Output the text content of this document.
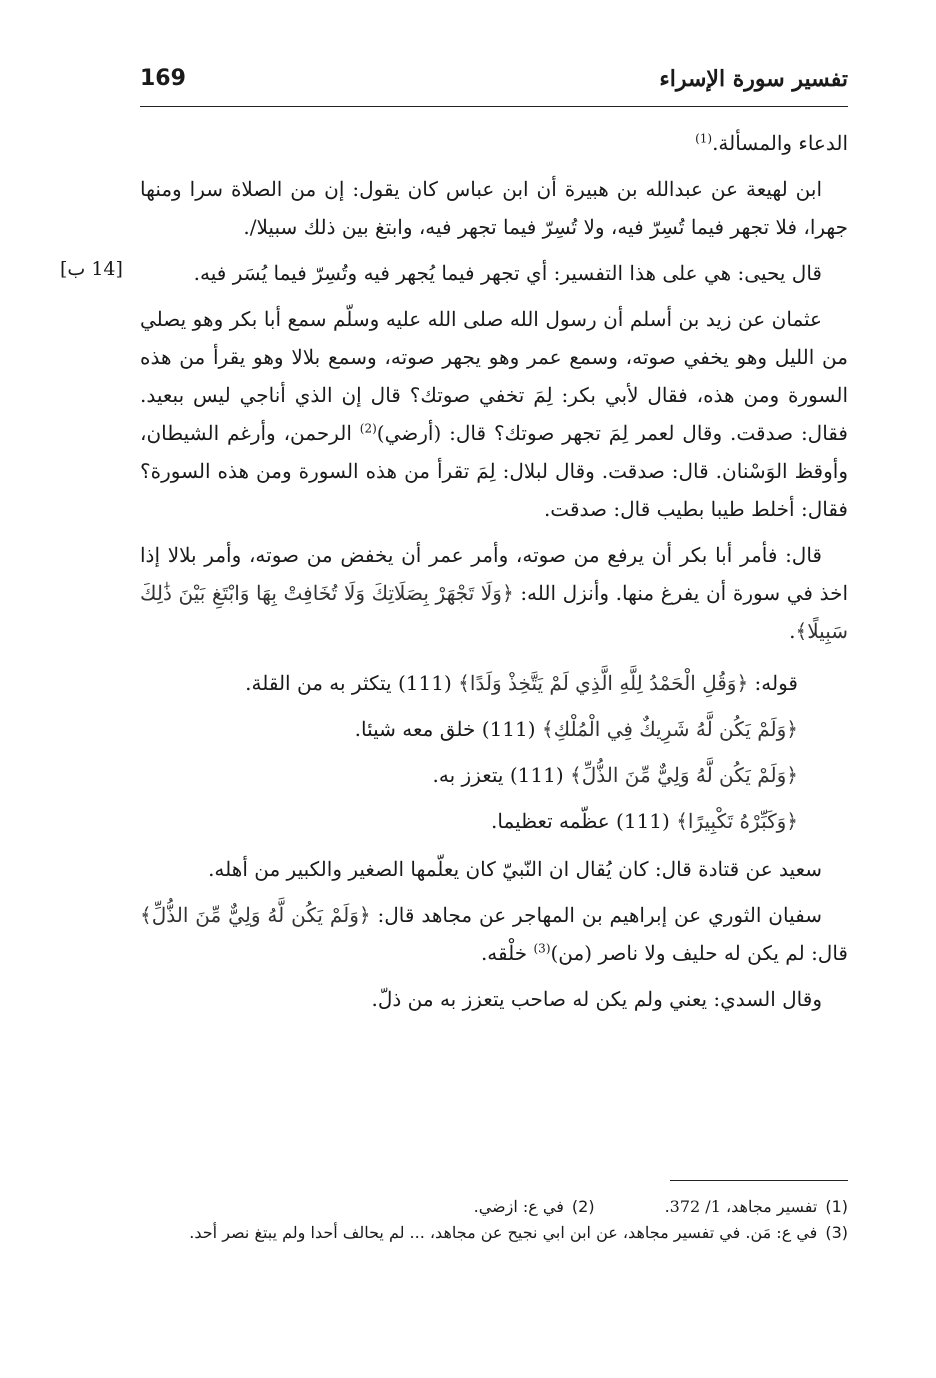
169	تفسير سورة الإسراء
[14 ب]

الدعاء والمسألة.$^{(1)}$

ابن لهيعة عن عبدالله بن هبيرة أن ابن عباس كان يقول: إن من الصلاة سرا ومنها جهرا، فلا تجهر فيما تُسِرّ فيه، ولا تُسِرّ فيما تجهر فيه، وابتغ بين ذلك سبيلا/.

قال يحيى: هي على هذا التفسير: أي تجهر فيما يُجهر فيه وتُسِرّ فيما يُسَر فيه.

عثمان عن زيد بن أسلم أن رسول الله صلى الله عليه وسلّم سمع أبا بكر وهو يصلي من الليل وهو يخفي صوته، وسمع عمر وهو يجهر صوته، وسمع بلالا وهو يقرأ من هذه السورة ومن هذه، فقال لأبي بكر: لِمَ تخفي صوتك؟ قال إن الذي أناجي ليس ببعيد. فقال: صدقت. وقال لعمر لِمَ تجهر صوتك؟ قال: (أرضي)$^{(2)}$ الرحمن، وأرغم الشيطان، وأوقظ الوَسْنان. قال: صدقت. وقال لبلال: لِمَ تقرأ من هذه السورة ومن هذه السورة؟ فقال: أخلط طيبا بطيب قال: صدقت.

قال: فأمر أبا بكر أن يرفع من صوته، وأمر عمر أن يخفض من صوته، وأمر بلالا إذا اخذ في سورة أن يفرغ منها. وأنزل الله: ﴿وَلَا تَجْهَرْ بِصَلَاتِكَ وَلَا تُخَافِتْ بِهَا وَابْتَغِ بَيْنَ ذَٰلِكَ سَبِيلًا﴾.

قوله: ﴿وَقُلِ الْحَمْدُ لِلَّهِ الَّذِي لَمْ يَتَّخِذْ وَلَدًا﴾ (111) يتكثر به من القلة.

﴿وَلَمْ يَكُن لَّهُ شَرِيكٌ فِي الْمُلْكِ﴾ (111) خلق معه شيئا.

﴿وَلَمْ يَكُن لَّهُ وَلِيٌّ مِّنَ الذُّلِّ﴾ (111) يتعزز به.

﴿وَكَبِّرْهُ تَكْبِيرًا﴾ (111) عظّمه تعظيما.

سعيد عن قتادة قال: كان يُقال ان النّبيّ كان يعلّمها الصغير والكبير من أهله.

سفيان الثوري عن إبراهيم بن المهاجر عن مجاهد قال: ﴿وَلَمْ يَكُن لَّهُ وَلِيٌّ مِّنَ الذُّلِّ﴾ قال: لم يكن له حليف ولا ناصر (من)$^{(3)}$ خلْقه.

وقال السدي: يعني ولم يكن له صاحب يتعزز به من ذلّ.

(1)تفسير مجاهد، 1/ 372.
(2)في ع: ازضي.
(3)في ع: مَن. في تفسير مجاهد، عن ابن ابي نجيح عن مجاهد، ... لم يحالف أحدا ولم يبتغ نصر أحد.
